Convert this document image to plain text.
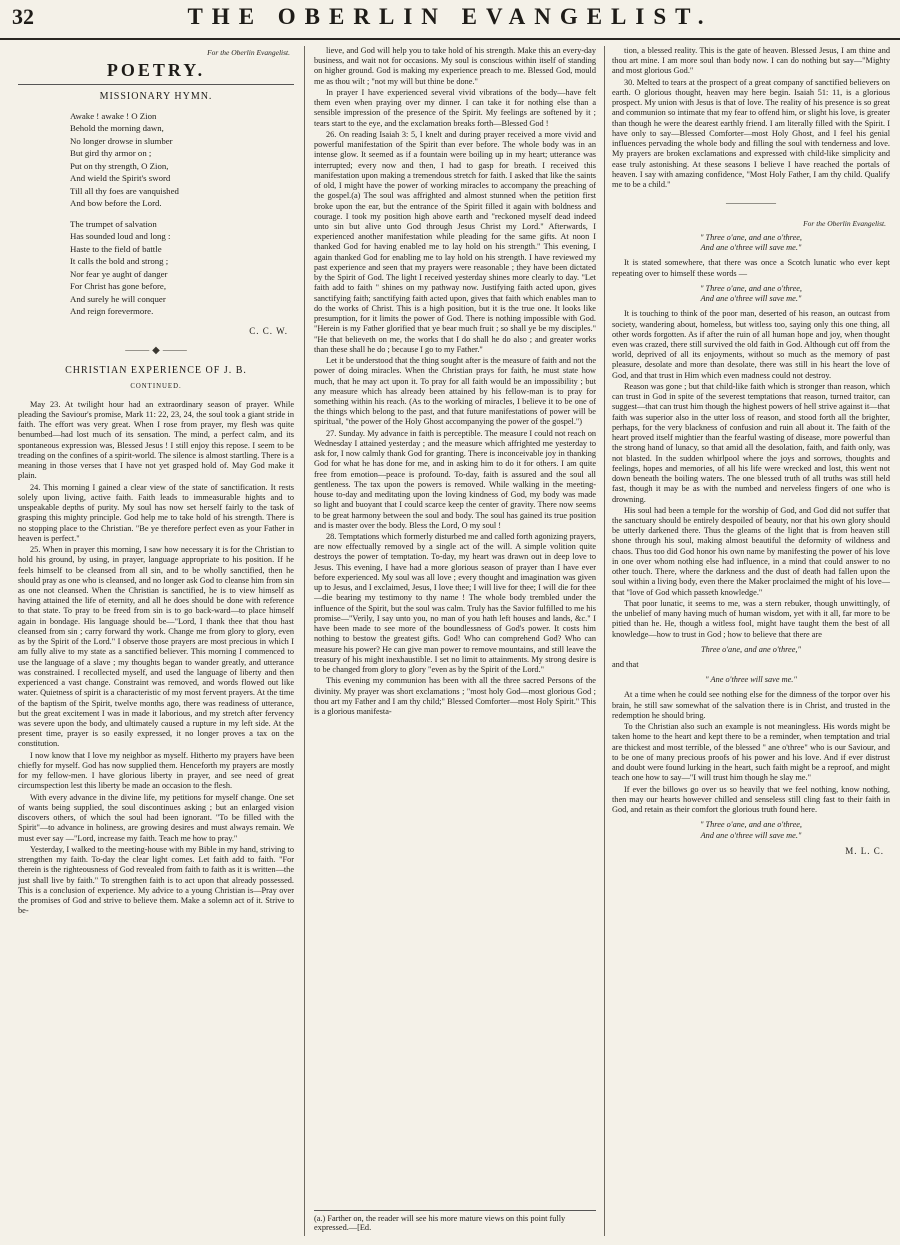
32	THE OBERLIN EVANGELIST.
For the Oberlin Evangelist.
POETRY.
MISSIONARY HYMN.
Awake ! awake ! O Zion
Behold the morning dawn,
No longer drowse in slumber
But gird thy armor on ;
Put on thy strength, O Zion,
And wield the Spirit's sword
Till all thy foes are vanquished
And bow before the Lord.
The trumpet of salvation
Has sounded loud and long :
Haste to the field of battle
It calls the bold and strong ;
Nor fear ye aught of danger
For Christ has gone before,
And surely he will conquer
And reign forevermore.
C. C. W.
⸻ ◆ ⸻
CHRISTIAN EXPERIENCE OF J. B.
CONTINUED.

May 23. At twilight hour had an extraordinary season of prayer. While pleading the Saviour's promise, Mark 11: 22, 23, 24, the soul took a giant stride in faith. The effort was very great. When I rose from prayer, my flesh was quite benumbed—had lost much of its sensation. The mind, a perfect calm, and its spontaneous expression was, Blessed Jesus ! I still enjoy this repose. I seem to be treading on the confines of a spirit-world. The silence is almost startling. There is a meaning in those verses that I have not yet grasped hold of. May God make it plain.

24. This morning I gained a clear view of the state of sanctification. It rests solely upon living, active faith. Faith leads to immeasurable hights and to unspeakable depths of purity. My soul has now set herself fairly to the task of grasping this mighty principle. God help me to take hold of his strength. There is no stopping place to the Christian. "Be ye therefore perfect even as your Father in heaven is perfect."

25. When in prayer this morning, I saw how necessary it is for the Christian to hold his ground, by using, in prayer, language appropriate to his position. If he feels himself to be cleansed from all sin, and to be wholly sanctified, then he should pray as one who is cleansed, and no longer ask God to cleanse him from sin as one not cleansed. When the Christian is sanctified, he is to view himself as having attained the life of eternity, and all he does should be done with reference to that state. To pray to be freed from sin is to go back-ward—to place himself again in bondage. His language should be—"Lord, I thank thee that thou hast cleansed from sin ; carry forward thy work. Change me from glory to glory, even as by the Spirit of the Lord." I observe those prayers are most precious in which I am fully alive to my state as a sanctified believer. This morning I commenced to use the language of a slave ; my thoughts began to wander greatly, and utterance was constrained. I recollected myself, and used the language of liberty and then experienced a vast change. Constraint was removed, and words flowed out like water. Quietness of spirit is a characteristic of my most fervent prayers. At the time of the baptism of the Spirit, twelve months ago, there was readiness of utterance, but the great excitement I was in made it laborious, and my stretch after fervency was severe upon the body, and ultimately caused a rupture in my left side. At the present time, prayer is so easily expressed, it no longer proves a tax on the constitution.

I now know that I love my neighbor as myself. Hitherto my prayers have been chiefly for myself. God has now supplied them. Henceforth my prayers are mostly for my fellow-men. I have glorious liberty in prayer, and see need of great circumspection lest this liberty be made an occasion to the flesh.

With every advance in the divine life, my petitions for myself change. One set of wants being supplied, the soul discontinues asking ; but an enlarged vision discovers others, of which the soul had been ignorant. "To be filled with the Spirit"—to advance in holiness, are growing desires and must always remain. We must ever say —"Lord, increase my faith. Teach me how to pray."

Yesterday, I walked to the meeting-house with my Bible in my hand, striving to strengthen my faith. To-day the clear light comes. Let faith add to faith. "For therein is the righteousness of God revealed from faith to faith as it is written—the just shall live by faith." To strengthen faith is to act upon that already possessed. This is a conclusion of experience. My advice to a young Christian is—Pray over the promises of God and strive to believe them. Make a solemn act of it. Strive to be-

lieve, and God will help you to take hold of his strength. Make this an every-day business, and wait not for occasions. My soul is conscious within itself of standing on higher ground. God is making my experience preach to me. Blessed God, mould me as thou wilt ; "not my will but thine be done."

In prayer I have experienced several vivid vibrations of the body—have felt them even when praying over my dinner. I can take it for nothing else than a sensible impression of the presence of the Spirit. My feelings are softened by it ; tears start to the eye, and the exclamation breaks forth—Blessed God !

26. On reading Isaiah 3: 5, I knelt and during prayer received a more vivid and powerful manifestation of the Spirit than ever before. The whole body was in an intense glow. It seemed as if a fountain were boiling up in my heart; utterance was interrupted; every now and then, I had to gasp for breath. I received this manifestation upon making a tremendous stretch for faith. I asked that like the saints of old, I might have the power of working miracles to accompany the preaching of the gospel.(a) The soul was affrighted and almost stunned when the petition first broke upon the ear, but the entrance of the Spirit filled it again with boldness and courage. I took my position high above earth and "reckoned myself dead indeed unto sin but alive unto God through Jesus Christ my Lord." Afterwards, I experienced another manifestation while pleading for the same gifts. At noon I thanked God for having enabled me to lay hold on his strength." This evening, I again thanked God for enabling me to lay hold on his strength. I have reviewed my past experience and seen that my prayers were reasonable ; they have been dictated by the Spirit of God. The light I received yesterday shines more clearly to day. "Let faith add to faith " shines on my pathway now. Justifying faith acted upon, gives sanctifying faith; sanctifying faith acted upon, gives that faith which enables man to do the works of Christ. This is a high position, but it is the true one. It looks like presumption, for it limits the power of God. There is nothing impossible with God. "Herein is my Father glorified that ye bear much fruit ; so shall ye be my disciples." "He that believeth on me, the works that I do shall he do also ; and greater works than these shall he do ; because I go to my Father."

Let it be understood that the thing sought after is the measure of faith and not the power of doing miracles. When the Christian prays for faith, he must state how much, that he may act upon it. To pray for all faith would be an impossibility ; but any measure which has already been attained by his fellow-man is to pray for something within his reach. (As to the working of miracles, I believe it to be one of the things which belong to the past, and that future manifestations of power will be spiritual, "the power of the Holy Ghost accompanying the power of the gospel.")

27. Sunday. My advance in faith is perceptible. The measure I could not reach on Wednesday I attained yesterday ; and the measure which affrighted me yesterday to ask for, I now calmly thank God for granting. There is inconceivable joy in thanking God for what he has done for me, and in asking him to do it for others. I am quite free from emotion—peace is profound. To-day, faith is assured and the soul all gentleness. The tax upon the powers is removed. While walking in the meeting-house to-day and meditating upon the loving kindness of God, my body was made so light and buoyant that I could scarce keep the center of gravity. There now seems to be great harmony between the soul and body. The soul has gained its true position and is master over the body. Bless the Lord, O my soul !

28. Temptations which formerly disturbed me and called forth agonizing prayers, are now effectually removed by a single act of the will. A simple volition quite destroys the power of temptation. To-day, my heart was drawn out in deep love to Jesus. This evening, I have had a more glorious season of prayer than I have ever before experienced. My soul was all love ; every thought and imagination was given up to Jesus, and I exclaimed, Jesus, I love thee; I will live for thee; I will die for thee—die bearing my testimony to thy name ! The whole body trembled under the influence of the Spirit, but the soul was calm. Truly has the Savior fulfilled to me his promise—"Verily, I say unto you, no man of you hath left houses and lands, &c." I have been made to see more of the boundlessness of God's power. It costs him nothing to bestow the greatest gifts. God! Who can comprehend God? Who can measure his power? He can give man power to remove mountains, and still leave the treasury of his might inexhaustible. I set no limit to attainments. My strong desire is to be changed from glory to glory "even as by the Spirit of the Lord."

This evening my communion has been with all the three sacred Persons of the divinity. My prayer was short exclamations ; "most holy God—most glorious God ; thou art my Father and I am thy child;" Blessed Comforter—most Holy Spirit." This is a glorious manifesta-

tion, a blessed reality. This is the gate of heaven. Blessed Jesus, I am thine and thou art mine. I am more soul than body now. I can do nothing but say—"Mighty and most glorious God."

30. Melted to tears at the prospect of a great company of sanctified believers on earth. O glorious thought, heaven may here begin. Isaiah 51: 11, is a glorious prospect. My union with Jesus is that of love. The reality of his presence is so great and communion so intimate that my fear to offend him, or slight his love, is greater than though he were the dearest earthly friend. I am literally filled with the Spirit. I have only to say—Blessed Comforter—most Holy Ghost, and I feel his genial influences pervading the whole body and filling the soul with tenderness and love. My prayers are broken exclamations and expressed with child-like simplicity and ease truly astonishing. At these seasons I believe I have reached the portals of heaven. I say with amazing confidence, "Most Holy Father, I am thy child. Qualify me to be a child."

—————
For the Oberlin Evangelist.
" Three o'ane, and ane o'three,
And ane o'three will save me."

It is stated somewhere, that there was once a Scotch lunatic who ever kept repeating over to himself these words —

" Three o'ane, and ane o'three,
And ane o'three will save me."

It is touching to think of the poor man, deserted of his reason, an outcast from society, wandering about, homeless, but witless too, saying only this one thing, all other words forgotten. As if after the ruin of all human hope and joy, when thought even was crazed, there still survived the old faith in God. Although cut off from the world, deprived of all its enjoyments, without so much as the memory of past pleasure, desolate and more than desolate, there was still in his heart the love of God, and that trust in Him which even madness could not destroy.

Reason was gone ; but that child-like faith which is stronger than reason, which can trust in God in spite of the severest temptations that reason, turned traitor, can suggest—that can trust him though the highest powers of hell strive against it—that faith was superior also in the utter loss of reason, and stood forth all the brighter, perhaps, for the very blackness of confusion and ruin all about it. The faith of the heart proved itself mightier than the fearful wasting of disease, more powerful than the strong hand of lunacy, so that amid all the desolation, faith, and faith only, was not blasted. In the sudden whirlpool where the joys and sorrows, thoughts and feelings, hopes and memories, of all his life were wrecked and lost, this went not down beneath the boiling waters. The one blessed truth of all truths was still held fast, though it may be as with the numbed and nerveless fingers of one who is drowning.

His soul had been a temple for the worship of God, and God did not suffer that the sanctuary should be entirely despoiled of beauty, nor that his own glory should be utterly darkened there. Thus the gleams of the light that is from heaven still shone through his soul, making almost beautiful the deformity of wildness and chaos. Thus too did God honor his own name by manifesting the power of his love in one over whom nothing else had influence, in a mind that could answer to no other touch. There, where the darkness and the dust of death had fallen upon the soul within a living body, even there the Maker proclaimed the might of his love—that "love of God which passeth knowledge."

That poor lunatic, it seems to me, was a stern rebuker, though unwittingly, of the unbelief of many having much of human wisdom, yet with it all, far more to be pitied than he. He, though a witless fool, might have taught them the best of all knowledge—how to trust in God ; how to believe that there are

Three o'ane, and ane o'three,"
and that
" Ane o'three will save me."

At a time when he could see nothing else for the dimness of the torpor over his brain, he still saw somewhat of the salvation there is in Christ, and trusted in the redemption he should bring.

To the Christian also such an example is not meaningless. His words might be taken home to the heart and kept there to be a reminder, when temptation and trial are thickest and most terrible, of the blessed " ane o'three" who is our Saviour, and to be one of many precious proofs of his power and his love. And if ever distrust and doubt were found lurking in the heart, such faith might be a reproof, and might teach one how to say—"I will trust him though he slay me."

If ever the billows go over us so heavily that we feel nothing, know nothing, then may our hearts however chilled and senseless still cling fast to their faith in God, and retain as their comfort the glorious truth found here.

" Three o'ane, and ane o'three,
And ane o'three will save me."
M. L. C.
(a.) Farther on, the reader will see his more mature views on this point fully expressed.—[Ed.
